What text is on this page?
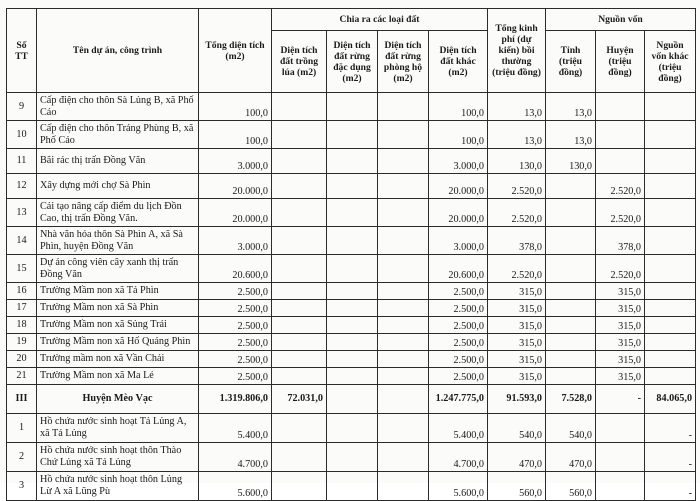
Số TT	Tên dự án, công trình	Tổng diện tích (m2)	Chia ra các loại đất				Tổng kinh phí (dự kiến) bồi thường (triệu đồng)	Nguồn vốn		
			Diện tích đất trồng lúa (m2)	Diện tích đất rừng đặc dụng (m2)	Diện tích đất rừng phòng hộ (m2)	Diện tích đất khác (m2)		Tỉnh (triệu đồng)	Huyện (triệu đồng)	Nguồn vốn khác (triệu đồng)
9	Cấp điện cho thôn Sà Lủng B, xã Phố Cáo	100,0				100,0	13,0	13,0		
10	Cấp điện cho thôn Tráng Phùng B, xã Phố Cáo	100,0				100,0	13,0	13,0		
11	Bãi rác thị trấn Đồng Văn	3.000,0				3.000,0	130,0	130,0		
12	Xây dựng mới chợ Sà Phìn	20.000,0				20.000,0	2.520,0		2.520,0	
13	Cải tạo nâng cấp điểm du lịch Đồn Cao, thị trấn Đồng Văn.	20.000,0				20.000,0	2.520,0		2.520,0	
14	Nhà văn hóa thôn Sà Phìn A, xã Sà Phìn, huyện Đồng Văn	3.000,0				3.000,0	378,0		378,0	
15	Dự án công viên cây xanh thị trấn Đồng Văn	20.600,0				20.600,0	2.520,0		2.520,0	
16	Trường Mầm non xã Tả Phìn	2.500,0				2.500,0	315,0		315,0	
17	Trường Mầm non xã Sà Phìn	2.500,0				2.500,0	315,0		315,0	
18	Trường Mầm non xã Sủng Trái	2.500,0				2.500,0	315,0		315,0	
19	Trường Mầm non xã Hố Quáng Phìn	2.500,0				2.500,0	315,0		315,0	
20	Trường mầm non xã Vần Chải	2.500,0				2.500,0	315,0		315,0	
21	Trường Mầm non xã Ma Lé	2.500,0				2.500,0	315,0		315,0	
III	Huyện Mèo Vạc	1.319.806,0	72.031,0			1.247.775,0	91.593,0	7.528,0	-	84.065,0
1	Hồ chứa nước sinh hoạt Tả Lủng A, xã Tả Lủng	5.400,0				5.400,0	540,0	540,0		-
2	Hồ chứa nước sinh hoạt thôn Thào Chứ Lủng xã Tả Lủng	4.700,0				4.700,0	470,0	470,0		-
3	Hồ chứa nước sinh hoạt thôn Lủng Lừ A xã Lũng Pù	5.600,0				5.600,0	560,0	560,0		-
